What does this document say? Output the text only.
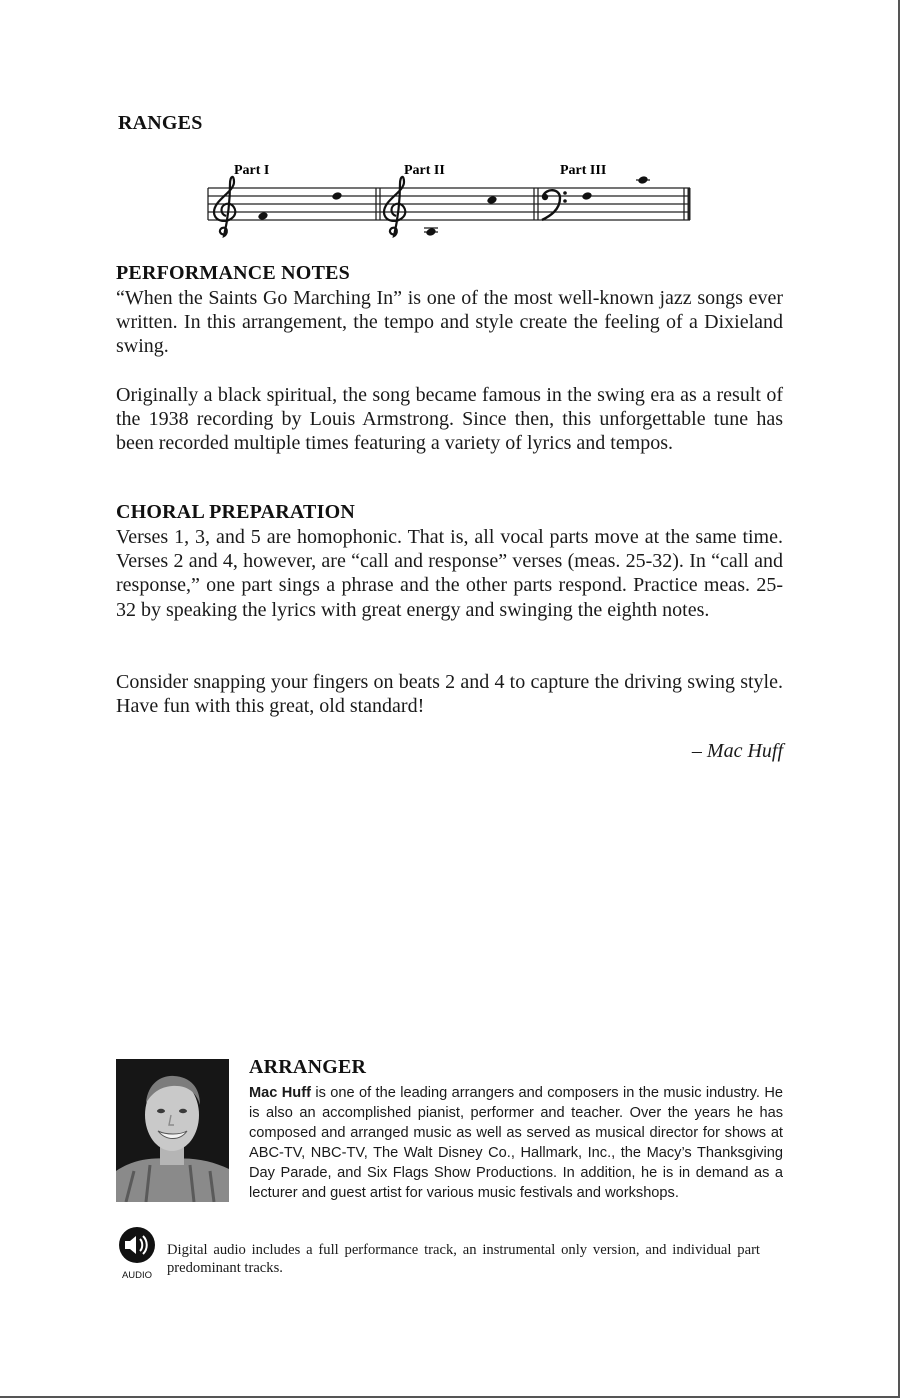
RANGES
Part I	Part II	Part III
PERFORMANCE NOTES

“When the Saints Go Marching In” is one of the most well-known jazz songs ever written. In this arrangement, the tempo and style create the feeling of a Dixieland swing.

Originally a black spiritual, the song became famous in the swing era as a result of the 1938 recording by Louis Armstrong. Since then, this unforgettable tune has been recorded multiple times featuring a variety of lyrics and tempos.

CHORAL PREPARATION

Verses 1, 3, and 5 are homophonic. That is, all vocal parts move at the same time. Verses 2 and 4, however, are “call and response” verses (meas. 25-32). In “call and response,” one part sings a phrase and the other parts respond. Practice meas. 25-32 by speaking the lyrics with great energy and swinging the eighth notes.

Consider snapping your fingers on beats 2 and 4 to capture the driving swing style. Have fun with this great, old standard!

– Mac Huff

ARRANGER

Mac Huff is one of the leading arrangers and composers in the music industry. He is also an accomplished pianist, performer and teacher. Over the years he has composed and arranged music as well as served as musical director for shows at ABC-TV, NBC-TV, The Walt Disney Co., Hallmark, Inc., the Macy’s Thanksgiving Day Parade, and Six Flags Show Productions. In addition, he is in demand as a lecturer and guest artist for various music festivals and workshops.

AUDIO

Digital audio includes a full performance track, an instrumental only version, and individual part predominant tracks.
